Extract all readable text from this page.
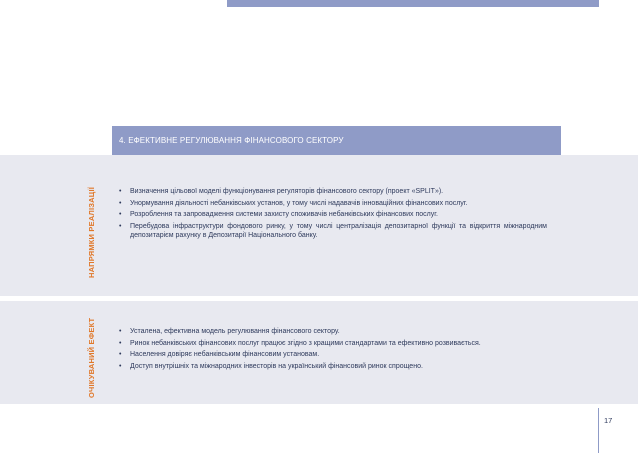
4. ЕФЕКТИВНЕ РЕГУЛЮВАННЯ ФІНАНСОВОГО СЕКТОРУ
НАПРЯМКИ РЕАЛІЗАЦІЇ
ОЧІКУВАНИЙ ЕФЕКТ
• Визначення цільової моделі функціонування регуляторів фінансового сектору (проект «SPLIT»).
• Унормування діяльності небанківських установ, у тому числі надавачів інноваційних фінансових послуг.
• Розроблення та запровадження системи захисту споживачів небанківських фінансових послуг.
• Перебудова інфраструктури фондового ринку, у тому числі централізація депозитарної функції та відкриття міжнародним депозитарієм рахунку в Депозитарії Національного банку.
• Усталена, ефективна модель регулювання фінансового сектору.
• Ринок небанківських фінансових послуг працює згідно з кращими стандартами та ефективно розвивається.
• Населення довіряє небанківським фінансовим установам.
• Доступ внутрішніх та міжнародних інвесторів на український фінансовий ринок спрощено.
17
